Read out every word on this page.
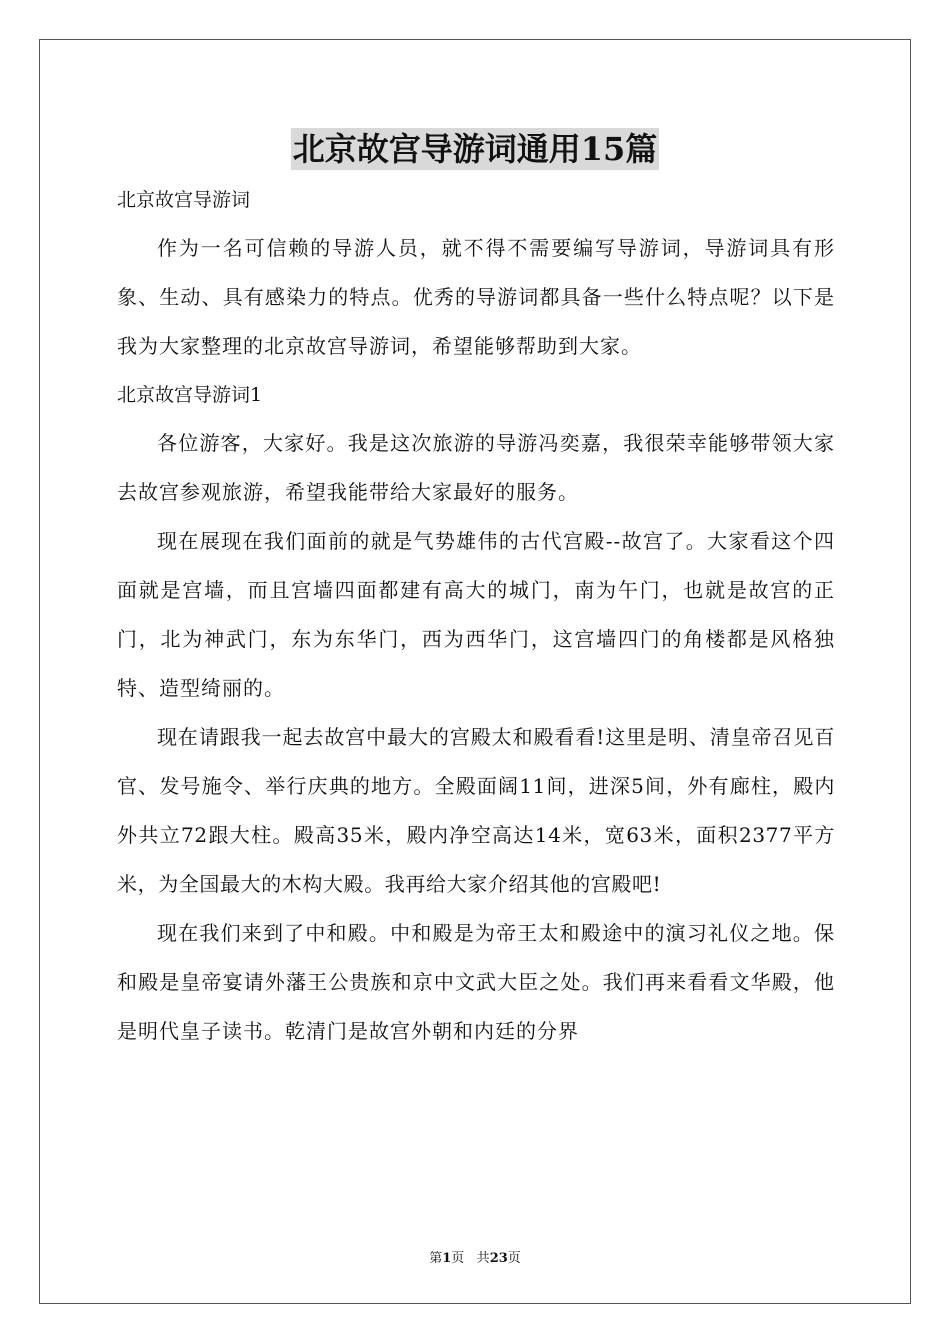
北京故宫导游词通用15篇
北京故宫导游词

作为一名可信赖的导游人员，就不得不需要编写导游词，导游词具有形象、生动、具有感染力的特点。优秀的导游词都具备一些什么特点呢？以下是我为大家整理的北京故宫导游词，希望能够帮助到大家。

北京故宫导游词1

各位游客，大家好。我是这次旅游的导游冯奕嘉，我很荣幸能够带领大家去故宫参观旅游，希望我能带给大家最好的服务。

现在展现在我们面前的就是气势雄伟的古代宫殿--故宫了。大家看这个四面就是宫墙，而且宫墙四面都建有高大的城门，南为午门，也就是故宫的正门，北为神武门，东为东华门，西为西华门，这宫墙四门的角楼都是风格独特、造型绮丽的。

现在请跟我一起去故宫中最大的宫殿太和殿看看!这里是明、清皇帝召见百官、发号施令、举行庆典的地方。全殿面阔11间，进深5间，外有廊柱，殿内外共立72跟大柱。殿高35米，殿内净空高达14米，宽63米，面积2377平方米，为全国最大的木构大殿。我再给大家介绍其他的宫殿吧!

现在我们来到了中和殿。中和殿是为帝王太和殿途中的演习礼仪之地。保和殿是皇帝宴请外藩王公贵族和京中文武大臣之处。我们再来看看文华殿，他是明代皇子读书。乾清门是故宫外朝和内廷的分界

第1页 共23页
